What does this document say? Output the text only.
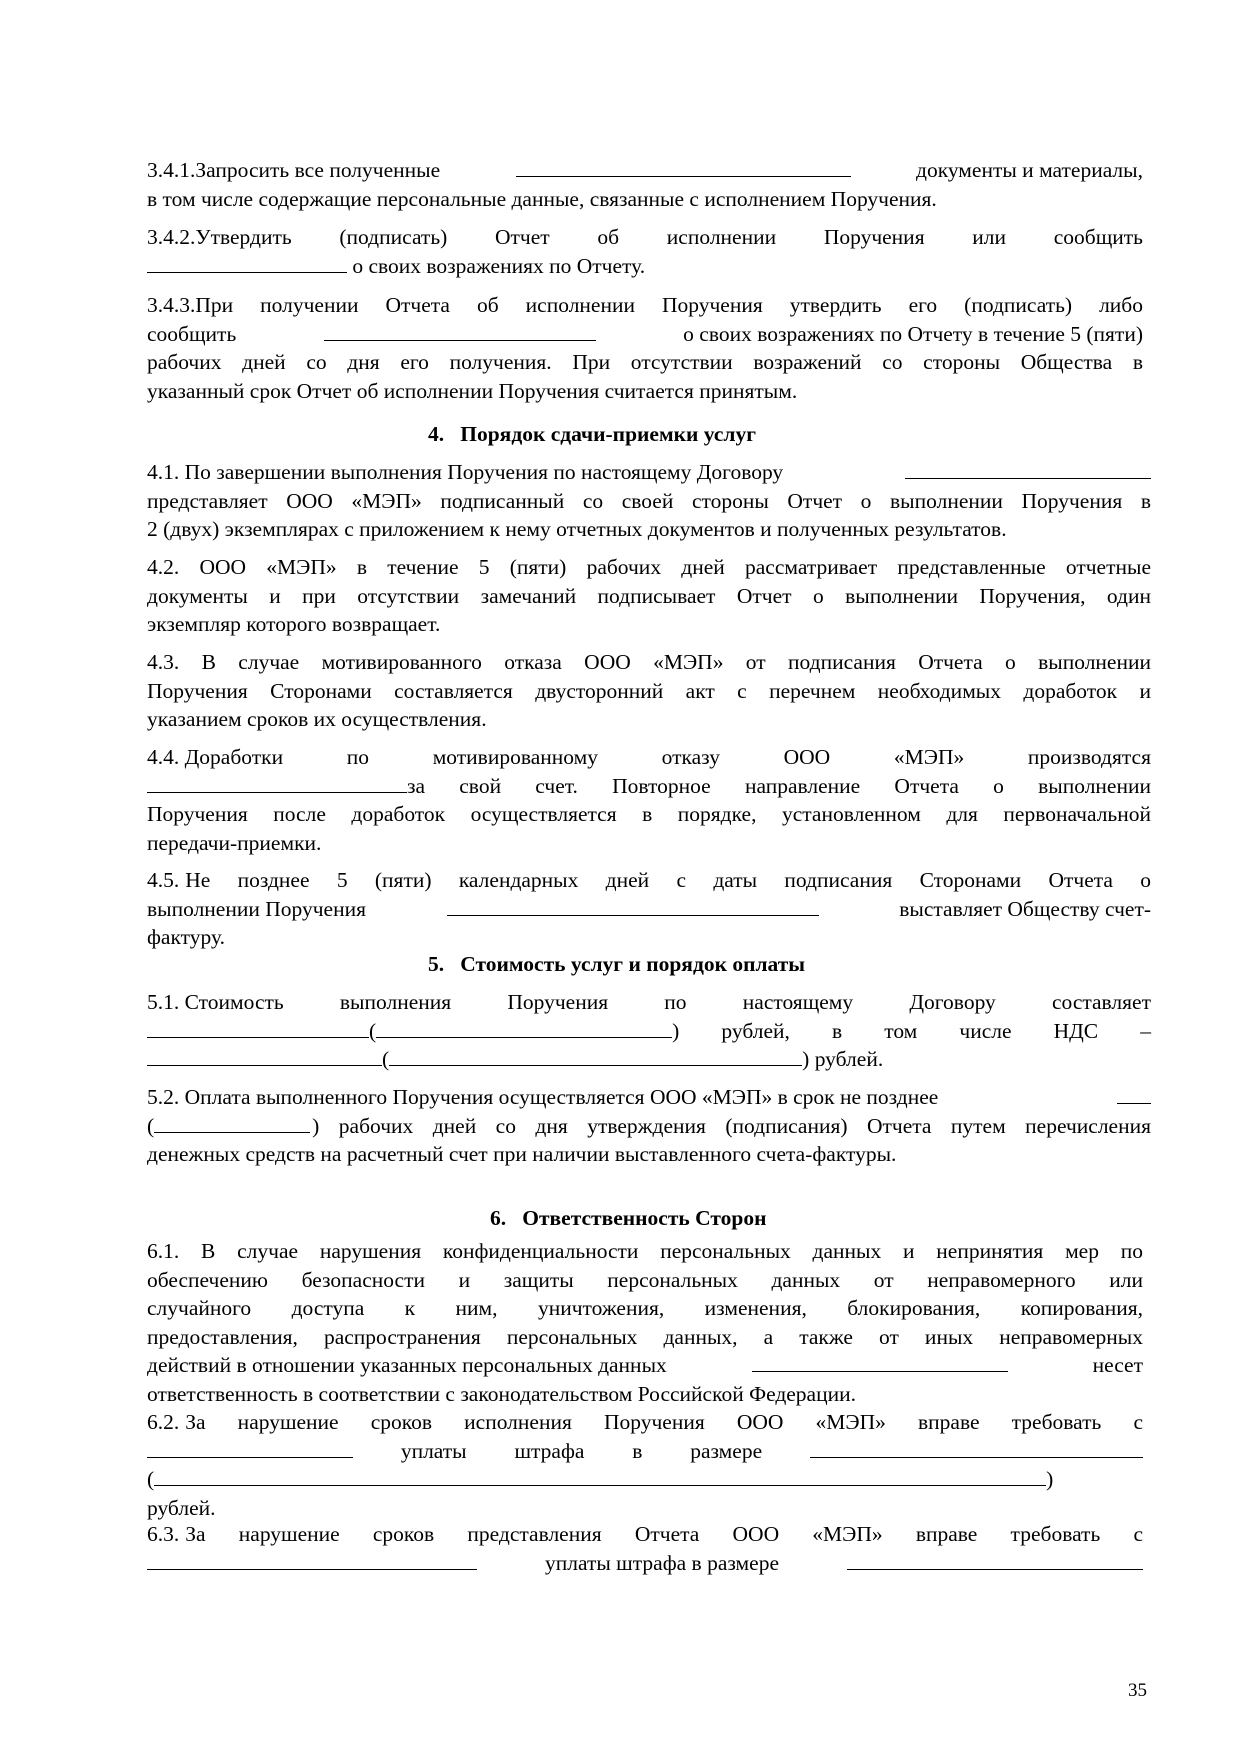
3.4.1.Запросить все полученные	документы и материалы,

в том числе содержащие персональные данные, связанные с исполнением Поручения.

3.4.2.Утвердить (подписать) Отчет об исполнении Поручения или сообщить
о своих возражениях по Отчету.
3.4.3. При получении Отчета об исполнении Поручения утвердить его (подписать) либо
сообщить	о своих возражениях по Отчету в течение 5 (пяти)

рабочих дней со дня его получения. При отсутствии возражений со стороны Общества в

указанный срок Отчет об исполнении Поручения считается принятым.

4. Порядок сдачи-приемки услуг
4.1. По завершении выполнения Поручения по настоящему Договору

представляет ООО «МЭП» подписанный со своей стороны Отчет о выполнении Поручения в

2 (двух) экземплярах с приложением к нему отчетных документов и полученных результатов.

4.2. ООО «МЭП» в течение 5 (пяти) рабочих дней рассматривает представленные отчетные

документы и при отсутствии замечаний подписывает Отчет о выполнении Поручения, один

экземпляр которого возвращает.

4.3. В случае мотивированного отказа ООО «МЭП» от подписания Отчета о выполнении

Поручения Сторонами составляется двусторонний акт с перечнем необходимых доработок и

указанием сроков их осуществления.

4.4. Доработки	по	мотивированному	отказу	ООО	«МЭП»	производятся
за свой счет. Повторное направление Отчета о выполнении

Поручения после доработок осуществляется в порядке, установленном для первоначальной

передачи-приемки.

4.5. Не позднее 5 (пяти) календарных дней с даты подписания Сторонами Отчета о
выполнении Поручения	выставляет Обществу счет-

фактуру.

5. Стоимость услуг и порядок оплаты
5.1. Стоимость	выполнения	Поручения	по	настоящему	Договору	составляет
(	) рублей, в том числе НДС –
(	) рублей.
5.2. Оплата выполненного Поручения осуществляется ООО «МЭП» в срок не позднее
(	) рабочих дней со дня утверждения (подписания) Отчета путем перечисления

денежных средств на расчетный счет при наличии выставленного счета-фактуры.

6. Ответственность Сторон

6.1. В случае нарушения конфиденциальности персональных данных и непринятия мер по

обеспечению безопасности и защиты персональных данных от неправомерного или

случайного доступа к ним, уничтожения, изменения, блокирования, копирования,

предоставления, распространения персональных данных, а также от иных неправомерных

действий в отношении указанных персональных данных	несет

ответственность в соответствии с законодательством Российской Федерации.

6.2. За нарушение сроков исполнения Поручения ООО «МЭП» вправе требовать с
уплаты штрафа в размере
(	)

рублей.

6.3. За нарушение сроков представления Отчета ООО «МЭП» вправе требовать с
уплаты штрафа в размере
35
